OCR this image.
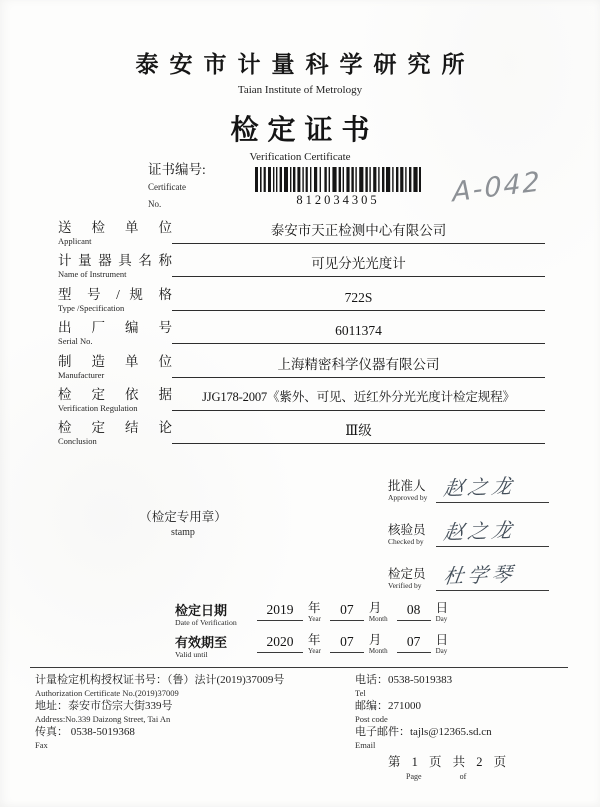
泰安市计量科学研究所
Taian Institute of Metrology
检定证书
Verification Certificate
证书编号:
Certificate
No.	812034305	A-042
送 检 单 位
Applicant
泰安市天正检测中心有限公司
计 量 器 具 名 称
Name of Instrument
可见分光光度计
型 号 / 规 格
Type /Specification
722S
出 厂 编 号
Serial No.
6011374
制 造 单 位
Manufacturer
上海精密科学仪器有限公司
检 定 依 据
Verification Regulation
JJG178-2007《紫外、可见、近红外分光光度计检定规程》
检 定 结 论
Conclusion
Ⅲ级
（检定专用章）
stamp
批准人
Approved by 赵之龙
核验员
Checked by 赵之龙
检定员
Verified by	杜学琴
检定日期
Date of Verification
2019	年
Year
07	月
Month
08	日
Day
有效期至
Valid until
2020	年
Year
07	月
Month
07	日
Day
计量检定机构授权证书号：（鲁）法计(2019)37009号
Authorization Certificate No.(2019)37009
地址：泰安市岱宗大街339号
Address:No.339 Daizong Street, Tai An
传真： 0538-5019368
Fax
电话：0538-5019383
Tel
邮编：271000
Post code
电子邮件：tajls@12365.sd.cn
Email
第 1 页 共 2 页
Page	of
